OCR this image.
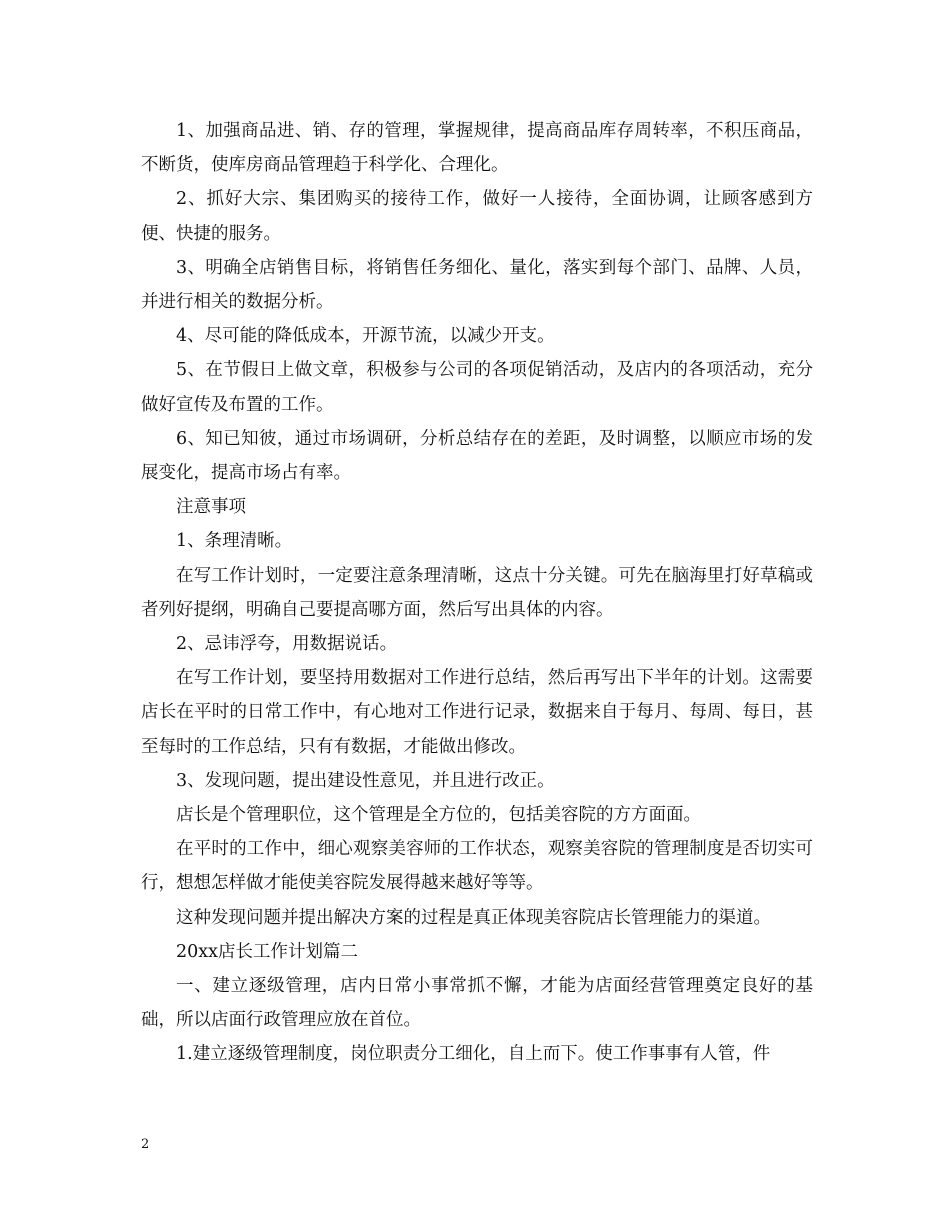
1、加强商品进、销、存的管理，掌握规律，提高商品库存周转率，不积压商品，不断货，使库房商品管理趋于科学化、合理化。

2、抓好大宗、集团购买的接待工作，做好一人接待，全面协调，让顾客感到方便、快捷的服务。

3、明确全店销售目标，将销售任务细化、量化，落实到每个部门、品牌、人员，并进行相关的数据分析。

4、尽可能的降低成本，开源节流，以减少开支。

5、在节假日上做文章，积极参与公司的各项促销活动，及店内的各项活动，充分做好宣传及布置的工作。

6、知已知彼，通过市场调研，分析总结存在的差距，及时调整，以顺应市场的发展变化，提高市场占有率。

注意事项

1、条理清晰。

在写工作计划时，一定要注意条理清晰，这点十分关键。可先在脑海里打好草稿或者列好提纲，明确自己要提高哪方面，然后写出具体的内容。

2、忌讳浮夸，用数据说话。

在写工作计划，要坚持用数据对工作进行总结，然后再写出下半年的计划。这需要店长在平时的日常工作中，有心地对工作进行记录，数据来自于每月、每周、每日，甚至每时的工作总结，只有有数据，才能做出修改。

3、发现问题，提出建设性意见，并且进行改正。

店长是个管理职位，这个管理是全方位的，包括美容院的方方面面。

在平时的工作中，细心观察美容师的工作状态，观察美容院的管理制度是否切实可行，想想怎样做才能使美容院发展得越来越好等等。

这种发现问题并提出解决方案的过程是真正体现美容院店长管理能力的渠道。

20xx店长工作计划篇二

一、建立逐级管理，店内日常小事常抓不懈，才能为店面经营管理奠定良好的基础，所以店面行政管理应放在首位。

1.建立逐级管理制度，岗位职责分工细化，自上而下。使工作事事有人管，件

2
